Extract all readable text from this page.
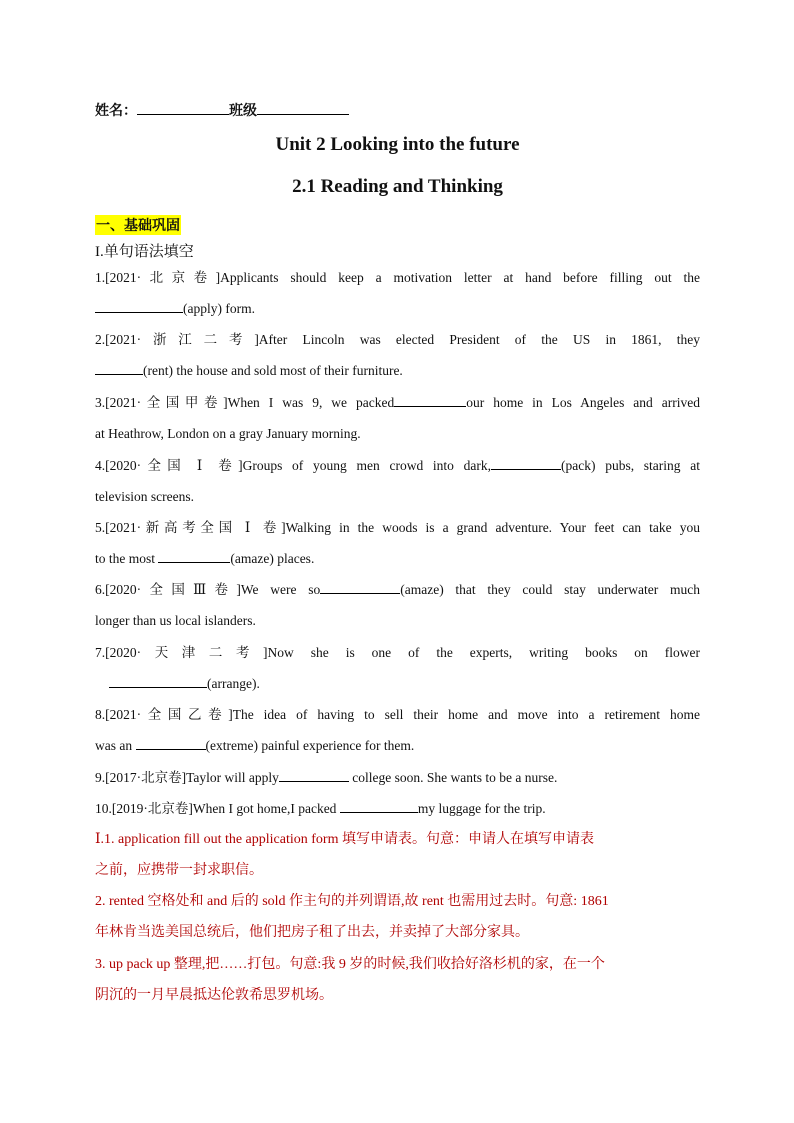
姓名：	班级
Unit 2 Looking into the future
2.1 Reading and Thinking
一、基础巩固
I.单句语法填空
1.[2021·北京卷]Applicants should keep a motivation letter at hand before filling out the
(apply) form.
2.[2021·浙江二考]After Lincoln was elected President of the US in 1861, they
(rent) the house and sold most of their furniture.
3.[2021·全国甲卷]When I was 9, we packed	our home in Los Angeles and arrived
at Heathrow, London on a gray January morning.
4.[2020·全国 Ⅰ 卷]Groups of young men crowd into dark,	(pack) pubs, staring at
television screens.
5.[2021·新高考全国 Ⅰ 卷]Walking in the woods is a grand adventure. Your feet can take you
to the most	(amaze) places.
6.[2020·全国Ⅲ卷]We were so	(amaze) that they could stay underwater much
longer than us local islanders.
7.[2020·天津二考]Now she is one of the experts, writing books on flower
(arrange).
8.[2021·全国乙卷]The idea of having to sell their home and move into a retirement home
was an	(extreme) painful experience for them.
9.[2017·北京卷]Taylor will apply	college soon. She wants to be a nurse.
10.[2019·北京卷]When I got home,I packed	my luggage for the trip.
Ⅰ.1. application fill out the application form 填写申请表。句意：申请人在填写申请表
之前，应携带一封求职信。
2. rented 空格处和 and 后的 sold 作主句的并列谓语,故 rent 也需用过去时。句意: 1861
年林肯当选美国总统后，他们把房子租了出去，并卖掉了大部分家具。
3. up pack up 整理,把……打包。句意:我 9 岁的时候,我们收拾好洛杉机的家，在一个
阴沉的一月早晨抵达伦敦希思罗机场。
